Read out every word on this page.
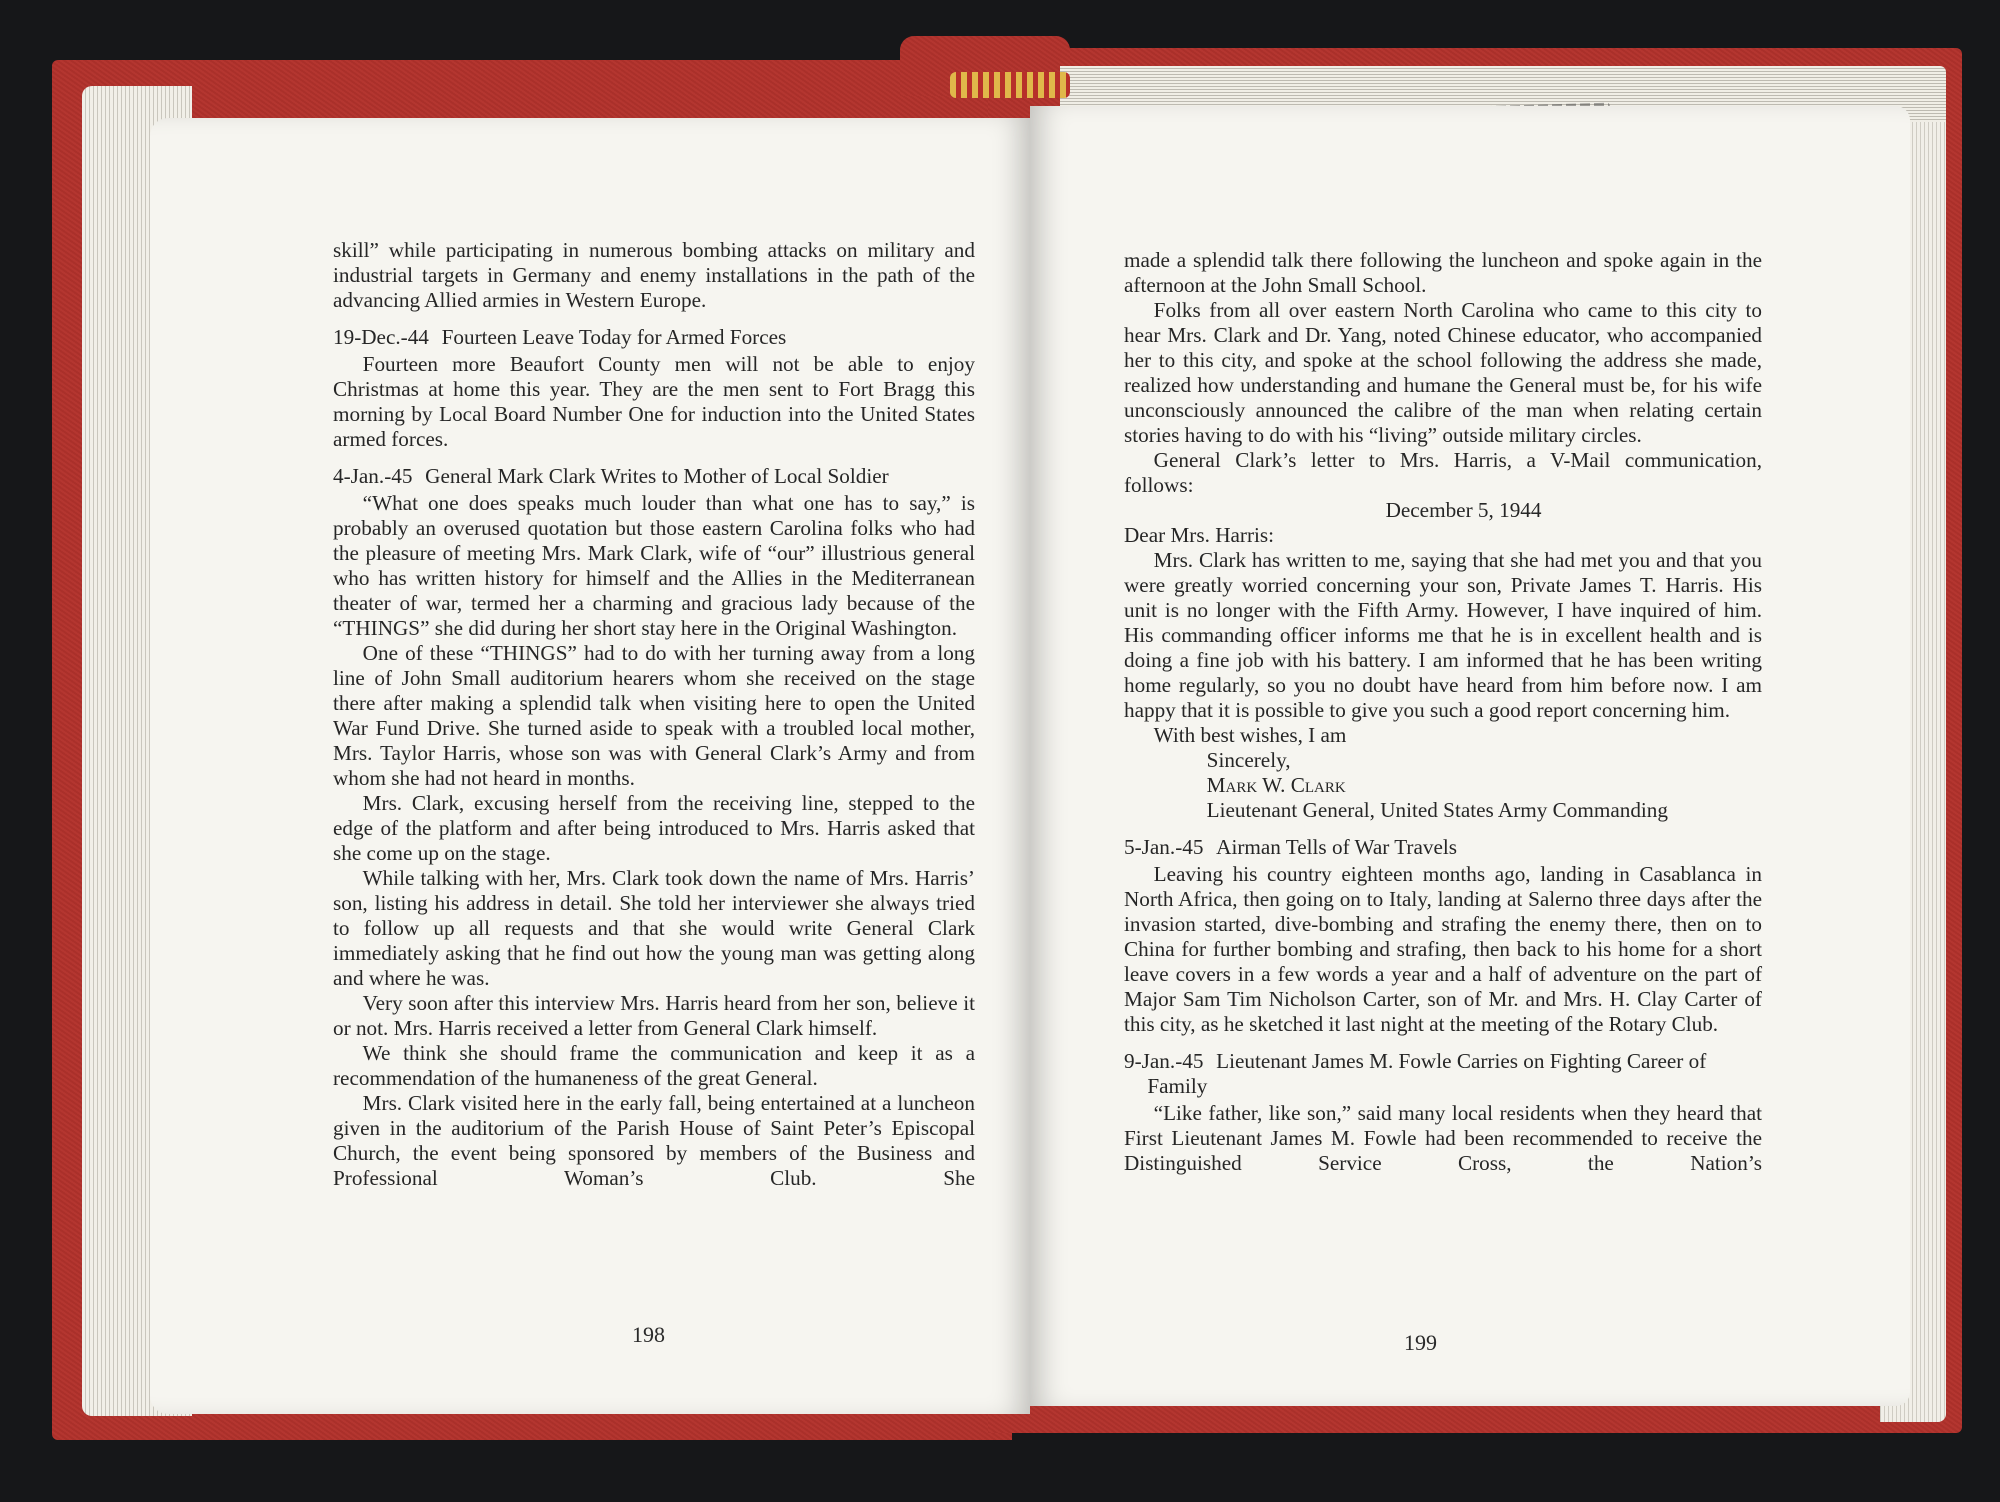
skill” while participating in numerous bombing attacks on military and industrial targets in Germany and enemy installations in the path of the advancing Allied armies in Western Europe.

19-Dec.-44 Fourteen Leave Today for Armed Forces

Fourteen more Beaufort County men will not be able to enjoy Christmas at home this year. They are the men sent to Fort Bragg this morning by Local Board Number One for induction into the United States armed forces.

4-Jan.-45 General Mark Clark Writes to Mother of Local Soldier

“What one does speaks much louder than what one has to say,” is probably an overused quotation but those eastern Carolina folks who had the pleasure of meeting Mrs. Mark Clark, wife of “our” illustrious general who has written history for himself and the Allies in the Mediterranean theater of war, termed her a charming and gracious lady because of the “THINGS” she did during her short stay here in the Original Washington.

One of these “THINGS” had to do with her turning away from a long line of John Small auditorium hearers whom she received on the stage there after making a splendid talk when visiting here to open the United War Fund Drive. She turned aside to speak with a troubled local mother, Mrs. Taylor Harris, whose son was with General Clark’s Army and from whom she had not heard in months.

Mrs. Clark, excusing herself from the receiving line, stepped to the edge of the platform and after being introduced to Mrs. Harris asked that she come up on the stage.

While talking with her, Mrs. Clark took down the name of Mrs. Harris’ son, listing his address in detail. She told her interviewer she always tried to follow up all requests and that she would write General Clark immediately asking that he find out how the young man was getting along and where he was.

Very soon after this interview Mrs. Harris heard from her son, believe it or not. Mrs. Harris received a letter from General Clark himself.

We think she should frame the communication and keep it as a recommendation of the humaneness of the great General.

Mrs. Clark visited here in the early fall, being entertained at a luncheon given in the auditorium of the Parish House of Saint Peter’s Episcopal Church, the event being sponsored by members of the Business and Professional Woman’s Club. She

198

made a splendid talk there following the luncheon and spoke again in the afternoon at the John Small School.

Folks from all over eastern North Carolina who came to this city to hear Mrs. Clark and Dr. Yang, noted Chinese educator, who accompanied her to this city, and spoke at the school following the address she made, realized how understanding and humane the General must be, for his wife unconsciously announced the calibre of the man when relating certain stories having to do with his “living” outside military circles.

General Clark’s letter to Mrs. Harris, a V-Mail communication, follows:

December 5, 1944

Dear Mrs. Harris:

Mrs. Clark has written to me, saying that she had met you and that you were greatly worried concerning your son, Private James T. Harris. His unit is no longer with the Fifth Army. However, I have inquired of him. His commanding officer informs me that he is in excellent health and is doing a fine job with his battery. I am informed that he has been writing home regularly, so you no doubt have heard from him before now. I am happy that it is possible to give you such a good report concerning him.

With best wishes, I am

Sincerely,

Mark W. Clark

Lieutenant General, United States Army Commanding

5-Jan.-45 Airman Tells of War Travels

Leaving his country eighteen months ago, landing in Casablanca in North Africa, then going on to Italy, landing at Salerno three days after the invasion started, dive-bombing and strafing the enemy there, then on to China for further bombing and strafing, then back to his home for a short leave covers in a few words a year and a half of adventure on the part of Major Sam Tim Nicholson Carter, son of Mr. and Mrs. H. Clay Carter of this city, as he sketched it last night at the meeting of the Rotary Club.

9-Jan.-45 Lieutenant James M. Fowle Carries on Fighting Career of Family

“Like father, like son,” said many local residents when they heard that First Lieutenant James M. Fowle had been recommended to receive the Distinguished Service Cross, the Nation’s

199
